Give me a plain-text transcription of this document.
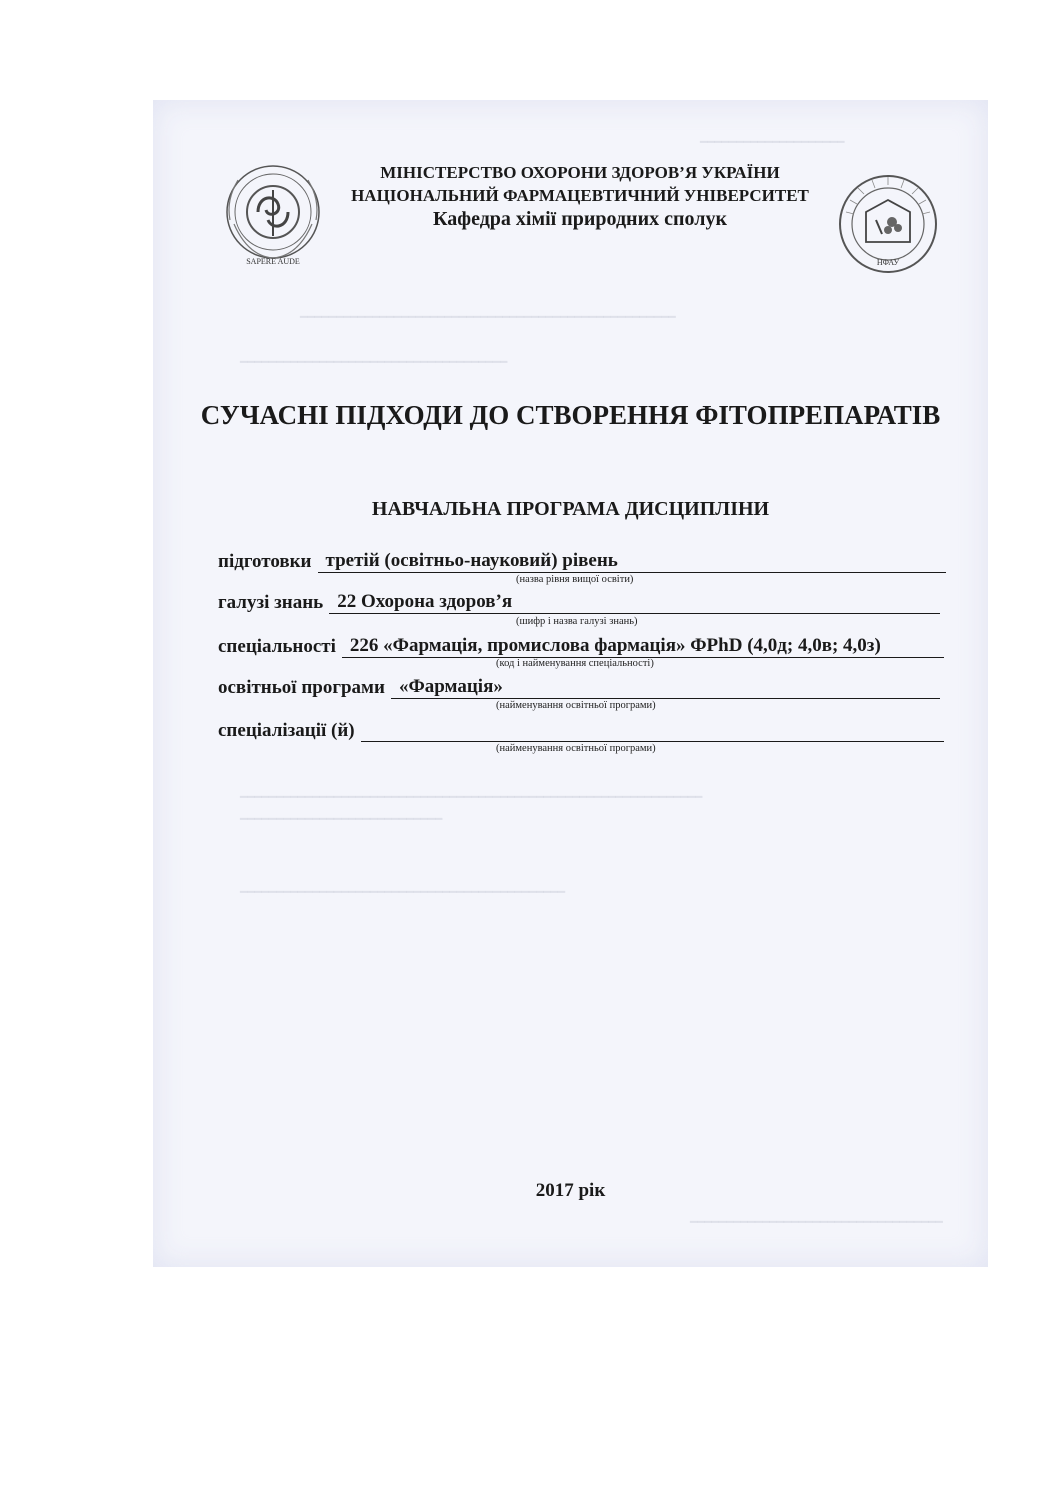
━━━━━━━━━━━━━━━━━━━━
━━━━━━━━━━━━━━━━━━━━━━━━━━━━━━━━━━━━━━━━━━━━━━━━━━━━
━━━━━━━━━━━━━━━━━━━━━━━━━━━━━━━━━━━━━
━━━━━━━━━━━━━━━━━━━━━━━━━━━━━━━━━━━━━━━━━━━━━━━━━━━━━━━━━━━━━━━━
━━━━━━━━━━━━━━━━━━━━━━━━━━━━
━━━━━━━━━━━━━━━━━━━━━━━━━━━━━━━━━━━━━━━━━━━━━
━━━━━━━━━━━━━━━━━━━━━━━━━━━━━━━━━━━
SAPERE AUDE	НФАУ
МІНІСТЕРСТВО ОХОРОНИ ЗДОРОВ’Я УКРАЇНИ
НАЦІОНАЛЬНИЙ ФАРМАЦЕВТИЧНИЙ УНІВЕРСИТЕТ
Кафедра хімії природних сполук
СУЧАСНІ ПІДХОДИ ДО СТВОРЕННЯ ФІТОПРЕПАРАТІВ
НАВЧАЛЬНА ПРОГРАМА ДИСЦИПЛІНИ
підготовки третій (освітньо-науковий) рівень
(назва рівня вищої освіти)
галузі знань 22 Охорона здоров’я
(шифр і назва галузі знань)
спеціальності 226 «Фармація, промислова фармація» ФPhD (4,0д; 4,0в; 4,0з)
(код і найменування спеціальності)
освітньої програми «Фармація»
(найменування освітньої програми)
спеціалізації (й)
(найменування освітньої програми)
2017 рік
